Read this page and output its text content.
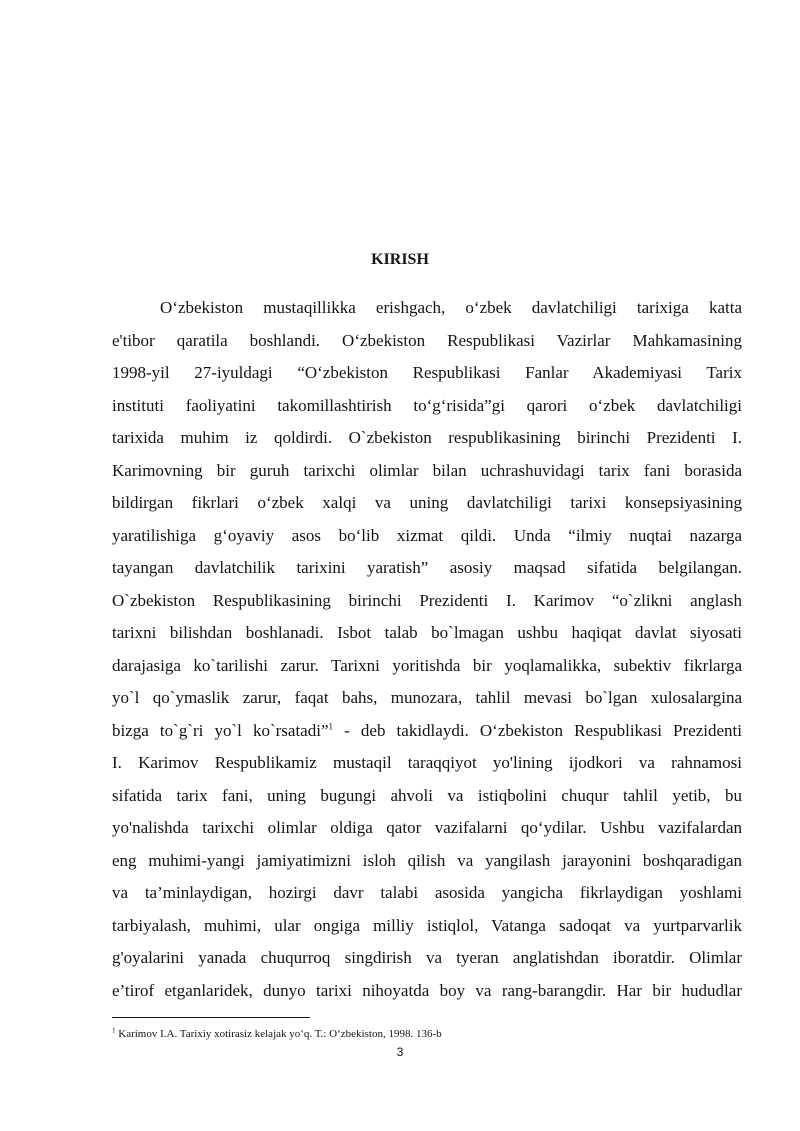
KIRISH
O‘zbekiston mustaqillikka erishgach, o‘zbek davlatchiligi tarixiga katta
e'tibor qaratila boshlandi. O‘zbekiston Respublikasi Vazirlar Mahkamasining
1998-yil 27-iyuldagi “O‘zbekiston Respublikasi Fanlar Akademiyasi Tarix
instituti faoliyatini takomillashtirish to‘g‘risida”gi qarori o‘zbek davlatchiligi
tarixida muhim iz qoldirdi. O`zbekiston respublikasining birinchi Prezidenti I.
Karimovning bir guruh tarixchi olimlar bilan uchrashuvidagi tarix fani borasida
bildirgan fikrlari o‘zbek xalqi va uning davlatchiligi tarixi konsepsiyasining
yaratilishiga g‘oyaviy asos bo‘lib xizmat qildi. Unda “ilmiy nuqtai nazarga
tayangan davlatchilik tarixini yaratish” asosiy maqsad sifatida belgilangan.
O`zbekiston Respublikasining birinchi Prezidenti I. Karimov “o`zlikni anglash
tarixni bilishdan boshlanadi. Isbot talab bo`lmagan ushbu haqiqat davlat siyosati
darajasiga ko`tarilishi zarur. Tarixni yoritishda bir yoqlamalikka, subektiv fikrlarga
yo`l qo`ymaslik zarur, faqat bahs, munozara, tahlil mevasi bo`lgan xulosalargina
bizga to`g`ri yo`l ko`rsatadi”$^1$ - deb takidlaydi. O‘zbekiston Respublikasi Prezidenti
I. Karimov Respublikamiz mustaqil taraqqiyot yo'lining ijodkori va rahnamosi
sifatida tarix fani, uning bugungi ahvoli va istiqbolini chuqur tahlil yetib, bu
yo'nalishda tarixchi olimlar oldiga qator vazifalarni qo‘ydilar. Ushbu vazifalardan
eng muhimi-yangi jamiyatimizni isloh qilish va yangilash jarayonini boshqaradigan
va ta’minlaydigan, hozirgi davr talabi asosida yangicha fikrlaydigan yoshlami
tarbiyalash, muhimi, ular ongiga milliy istiqlol, Vatanga sadoqat va yurtparvarlik
g'oyalarini yanada chuqurroq singdirish va tyeran anglatishdan iboratdir. Olimlar
e’tirof etganlaridek, dunyo tarixi nihoyatda boy va rang-barangdir. Har bir hududlar
$^1$ Karimov I.A. Tarixiy xotirasiz kelajak yo‘q. T.: O‘zbekiston, 1998. 136-b
3
